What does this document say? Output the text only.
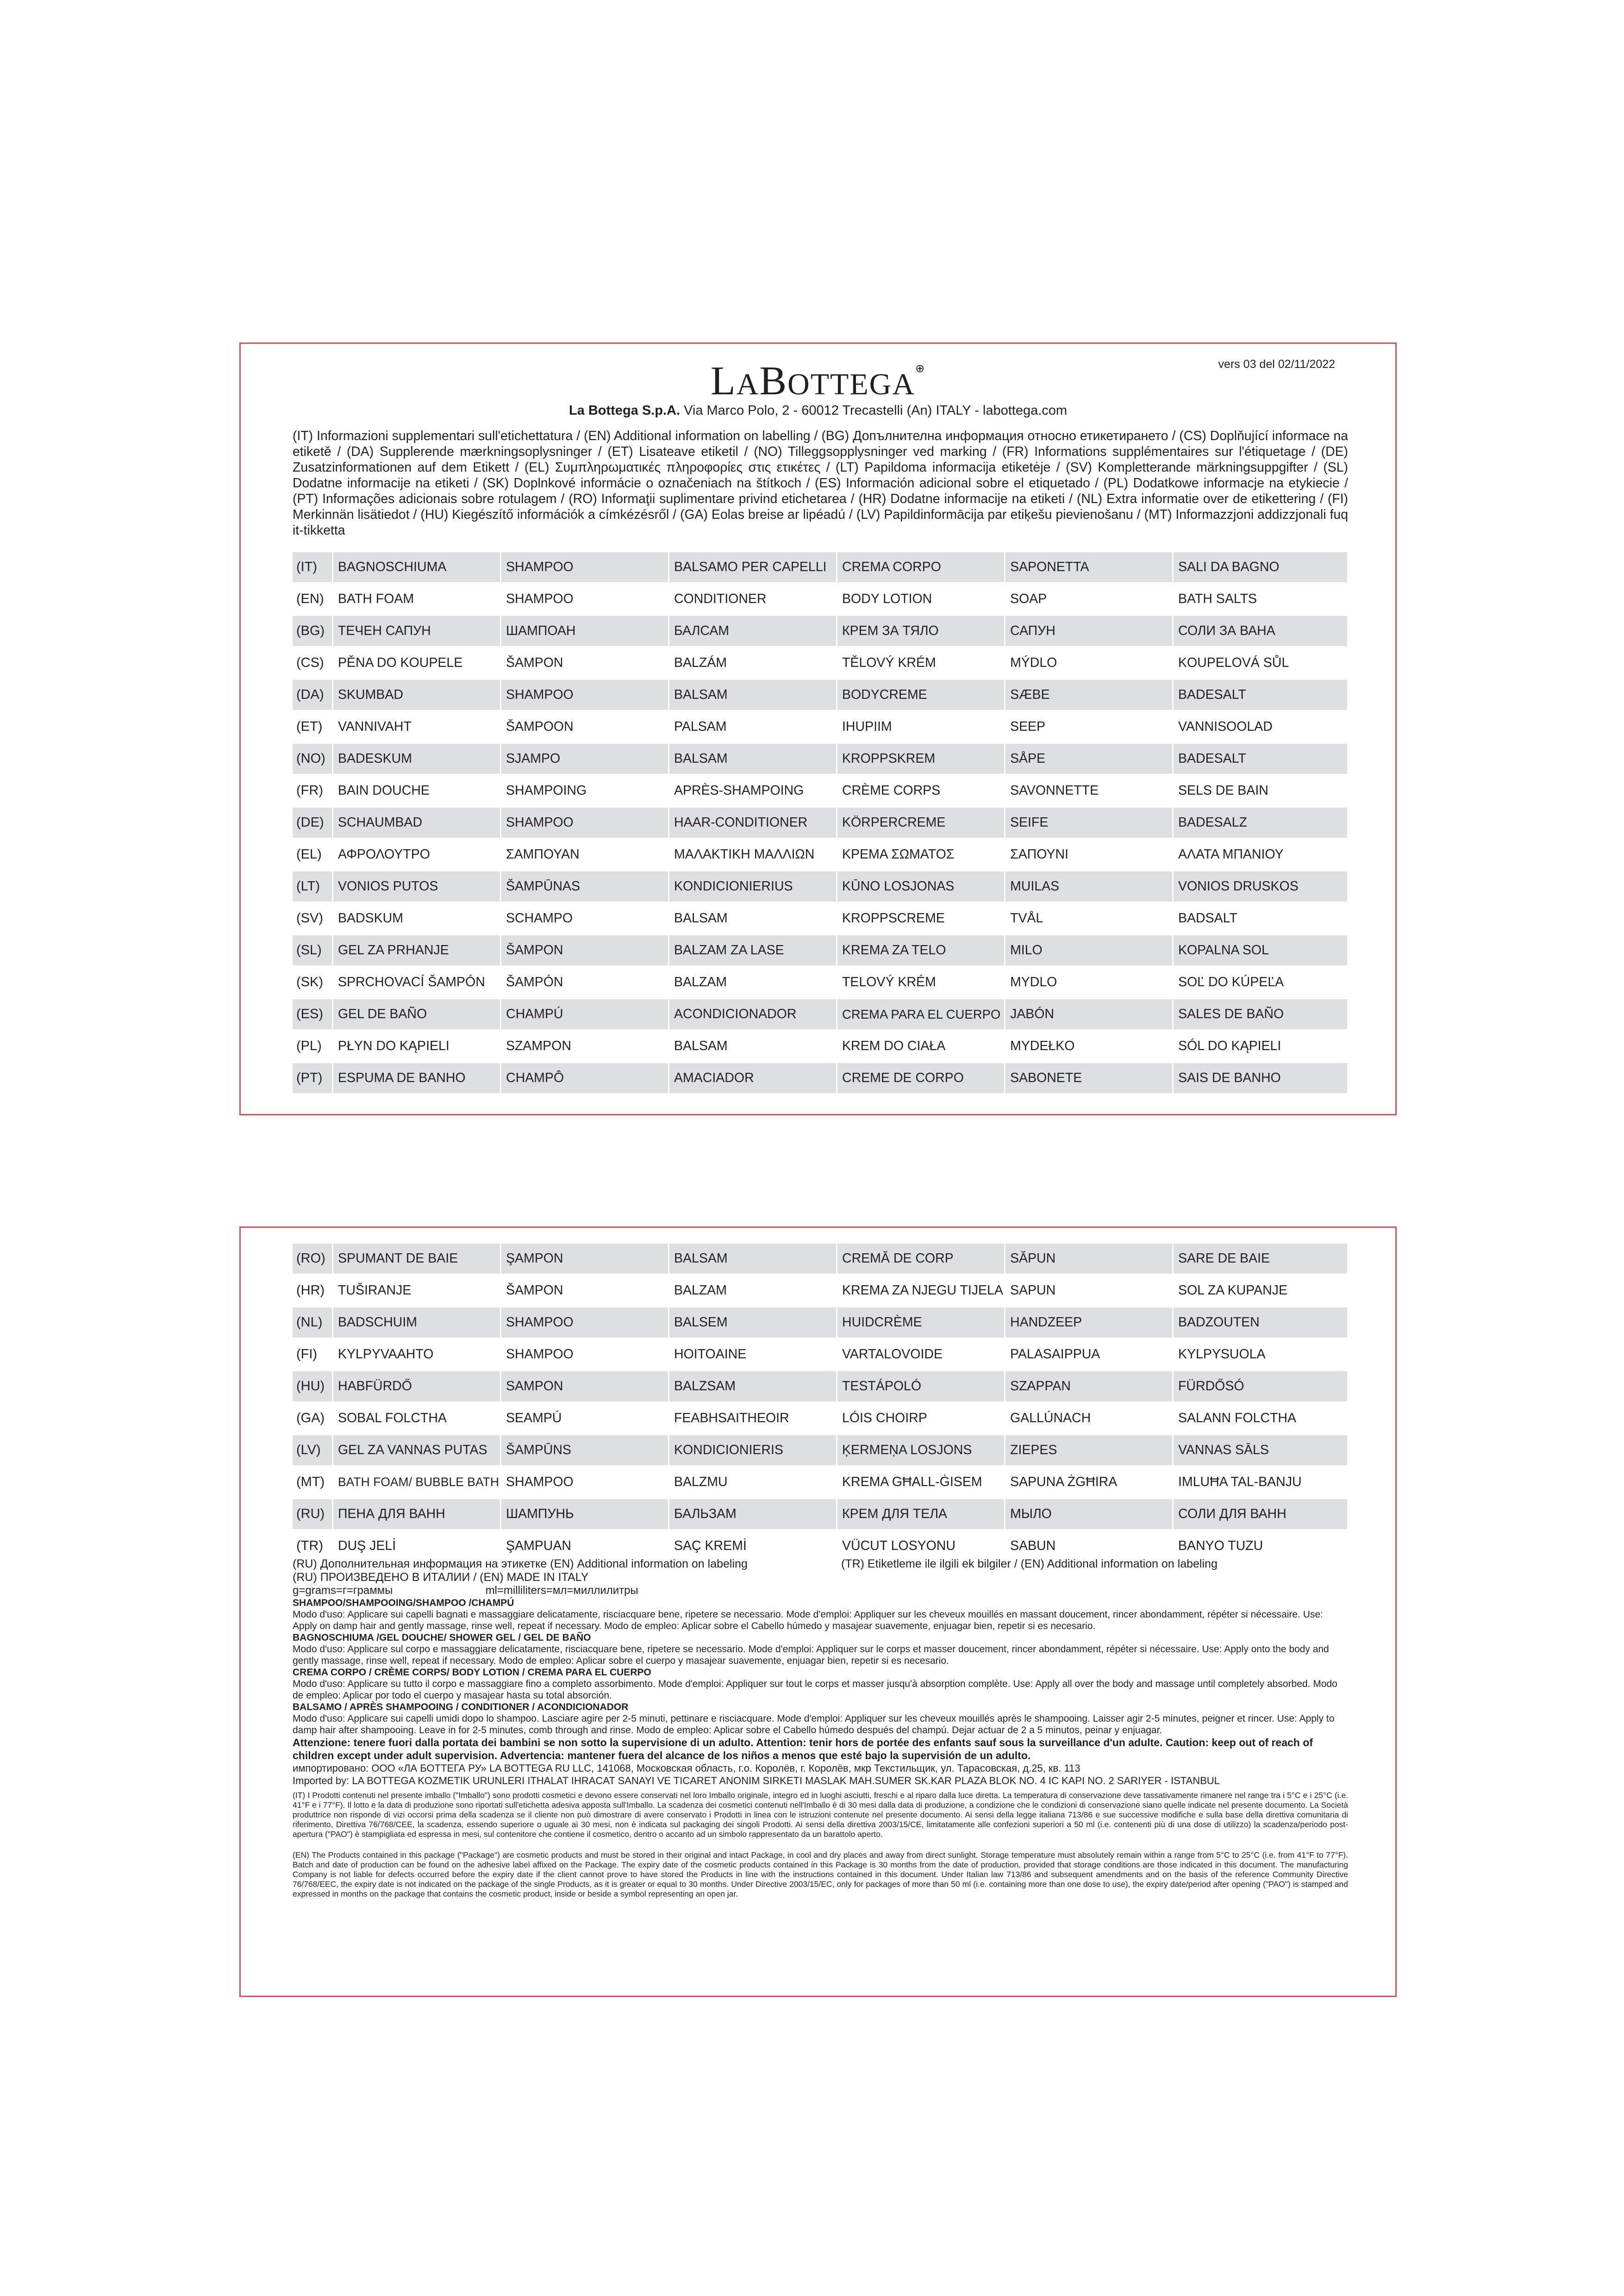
vers 03 del 02/11/2022
LABOTTEGA⊕
La Bottega S.p.A. Via Marco Polo, 2 - 60012 Trecastelli (An) ITALY - labottega.com

(IT) Informazioni supplementari sull'etichettatura / (EN) Additional information on labelling / (BG) Допълнителна информация относно етикетирането / (CS) Doplňující informace na etiketě / (DA) Supplerende mærkningsoplysninger / (ET) Lisateave etiketil / (NO) Tilleggsopplysninger ved marking / (FR) Informations supplémentaires sur l'étiquetage / (DE) Zusatzinformationen auf dem Etikett / (EL) Συμπληρωματικές πληροφορίες στις ετικέτες / (LT) Papildoma informacija etiketėje / (SV) Kompletterande märkningsuppgifter / (SL) Dodatne informacije na etiketi / (SK) Doplnkové informácie o označeniach na štítkoch / (ES) Información adicional sobre el etiquetado / (PL) Dodatkowe informacje na etykiecie / (PT) Informações adicionais sobre rotulagem / (RO) Informaţii suplimentare privind etichetarea / (HR) Dodatne informacije na etiketi / (NL) Extra informatie over de etikettering / (FI) Merkinnän lisätiedot / (HU) Kiegészítő információk a címkézésről / (GA) Eolas breise ar lipéadú / (LV) Papildinformācija par etiķešu pievienošanu / (MT) Informazzjoni addizzjonali fuq it-tikketta

(IT)	BAGNOSCHIUMA	SHAMPOO	BALSAMO PER CAPELLI	CREMA CORPO	SAPONETTA	SALI DA BAGNO
(EN)	BATH FOAM	SHAMPOO	CONDITIONER	BODY LOTION	SOAP	BATH SALTS
(BG)	ТЕЧЕН САПУН	ШАМПОАН	БАЛСАМ	КРЕМ ЗА ТЯЛО	САПУН	СОЛИ ЗА ВАНА
(CS)	PĚNA DO KOUPELE	ŠAMPON	BALZÁM	TĚLOVÝ KRÉM	MÝDLO	KOUPELOVÁ SŮL
(DA)	SKUMBAD	SHAMPOO	BALSAM	BODYCREME	SÆBE	BADESALT
(ET)	VANNIVAHT	ŠAMPOON	PALSAM	IHUPIIM	SEEP	VANNISOOLAD
(NO)	BADESKUM	SJAMPO	BALSAM	KROPPSKREM	SÅPE	BADESALT
(FR)	BAIN DOUCHE	SHAMPOING	APRÈS-SHAMPOING	CRÈME CORPS	SAVONNETTE	SELS DE BAIN
(DE)	SCHAUMBAD	SHAMPOO	HAAR-CONDITIONER	KÖRPERCREME	SEIFE	BADESALZ
(EL)	ΑΦΡΟΛΟΥΤΡΟ	ΣΑΜΠΟΥΑΝ	ΜΑΛΑΚΤΙΚΗ ΜΑΛΛΙΩΝ	ΚΡΕΜΑ ΣΩΜΑΤΟΣ	ΣΑΠΟΥΝΙ	ΑΛΑΤΑ ΜΠΑΝΙΟΥ
(LT)	VONIOS PUTOS	ŠAMPŪNAS	KONDICIONIERIUS	KŪNO LOSJONAS	MUILAS	VONIOS DRUSKOS
(SV)	BADSKUM	SCHAMPO	BALSAM	KROPPSCREME	TVÅL	BADSALT
(SL)	GEL ZA PRHANJE	ŠAMPON	BALZAM ZA LASE	KREMA ZA TELO	MILO	KOPALNA SOL
(SK)	SPRCHOVACÍ ŠAMPÓN	ŠAMPÓN	BALZAM	TELOVÝ KRÉM	MYDLO	SOĽ DO KÚPEĽA
(ES)	GEL DE BAÑO	CHAMPÚ	ACONDICIONADOR	CREMA PARA EL CUERPO	JABÓN	SALES DE BAÑO
(PL)	PŁYN DO KĄPIELI	SZAMPON	BALSAM	KREM DO CIAŁA	MYDEŁKO	SÓL DO KĄPIELI
(PT)	ESPUMA DE BANHO	CHAMPÔ	AMACIADOR	CREME DE CORPO	SABONETE	SAIS DE BANHO
(RO)	SPUMANT DE BAIE	ŞAMPON	BALSAM	CREMĂ DE CORP	SĂPUN	SARE DE BAIE
(HR)	TUŠIRANJE	ŠAMPON	BALZAM	KREMA ZA NJEGU TIJELA	SAPUN	SOL ZA KUPANJE
(NL)	BADSCHUIM	SHAMPOO	BALSEM	HUIDCRÈME	HANDZEEP	BADZOUTEN
(FI)	KYLPYVAAHTO	SHAMPOO	HOITOAINE	VARTALOVOIDE	PALASAIPPUA	KYLPYSUOLA
(HU)	HABFÜRDŐ	SAMPON	BALZSAM	TESTÁPOLÓ	SZAPPAN	FÜRDŐSÓ
(GA)	SOBAL FOLCTHA	SEAMPÚ	FEABHSAITHEOIR	LÓIS CHOIRP	GALLÚNACH	SALANN FOLCTHA
(LV)	GEL ZA VANNAS PUTAS	ŠAMPŪNS	KONDICIONIERIS	ĶERMEŅA LOSJONS	ZIEPES	VANNAS SĀLS
(MT)	BATH FOAM/ BUBBLE BATH	SHAMPOO	BALZMU	KREMA GĦALL-ĠISEM	SAPUNA ŻGĦIRA	IMLUĦA TAL-BANJU
(RU)	ПЕНА ДЛЯ ВАНН	ШАМПУНЬ	БАЛЬЗАМ	КРЕМ ДЛЯ ТЕЛА	МЫЛО	СОЛИ ДЛЯ ВАНН
(TR)	DUŞ JELİ	ŞAMPUAN	SAÇ KREMİ	VÜCUT LOSYONU	SABUN	BANYO TUZU
(RU) Дополнительная информация на этикетке (EN) Additional information on labeling	(TR) Etiketleme ile ilgili ek bilgiler / (EN) Additional information on labeling

(RU) ПРОИЗВЕДЕНО В ИТАЛИИ / (EN) MADE IN ITALY

g=grams=г=граммы                              ml=milliliters=мл=миллилитры

SHAMPOO/SHAMPOOING/SHAMPOO /CHAMPÚ

Modo d'uso: Applicare sui capelli bagnati e massaggiare delicatamente, risciacquare bene, ripetere se necessario. Mode d'emploi: Appliquer sur les cheveux mouillés en massant doucement, rincer abondamment, répéter si nécessaire. Use: Apply on damp hair and gently massage, rinse well, repeat if necessary. Modo de empleo: Aplicar sobre el Cabello húmedo y masajear suavemente, enjuagar bien, repetir si es necesario.

BAGNOSCHIUMA /GEL DOUCHE/ SHOWER GEL / GEL DE BAÑO

Modo d'uso: Applicare sul corpo e massaggiare delicatamente, risciacquare bene, ripetere se necessario. Mode d'emploi: Appliquer sur le corps et masser doucement, rincer abondamment, répéter si nécessaire. Use: Apply onto the body and gently massage, rinse well, repeat if necessary. Modo de empleo: Aplicar sobre el cuerpo y masajear suavemente, enjuagar bien, repetir si es necesario.

CREMA CORPO / CRÈME CORPS/ BODY LOTION / CREMA PARA EL CUERPO

Modo d'uso: Applicare su tutto il corpo e massaggiare fino a completo assorbimento. Mode d'emploi: Appliquer sur tout le corps et masser jusqu'à absorption complète. Use: Apply all over the body and massage until completely absorbed. Modo de empleo: Aplicar por todo el cuerpo y masajear hasta su total absorción.

BALSAMO / APRÈS SHAMPOOING / CONDITIONER / ACONDICIONADOR

Modo d'uso: Applicare sui capelli umidi dopo lo shampoo. Lasciare agire per 2-5 minuti, pettinare e risciacquare. Mode d'emploi: Appliquer sur les cheveux mouillés après le shampooing. Laisser agir 2-5 minutes, peigner et rincer. Use: Apply to damp hair after shampooing. Leave in for 2-5 minutes, comb through and rinse. Modo de empleo: Aplicar sobre el Cabello húmedo después del champú. Dejar actuar de 2 a 5 minutos, peinar y enjuagar.

Attenzione: tenere fuori dalla portata dei bambini se non sotto la supervisione di un adulto. Attention: tenir hors de portée des enfants sauf sous la surveillance d'un adulte. Caution: keep out of reach of children except under adult supervision. Advertencia: mantener fuera del alcance de los niños a menos que esté bajo la supervisión de un adulto.

импортировано: ООО «ЛА БОТТЕГА РУ» LA BOTTEGA RU LLC, 141068, Московская область, г.о. Королёв, г. Королёв, мкр Текстильщик, ул. Тарасовская, д.25, кв. 113

Imported by: LA BOTTEGA KOZMETIK URUNLERI ITHALAT IHRACAT SANAYI VE TICARET ANONIM SIRKETI MASLAK MAH.SUMER SK.KAR PLAZA BLOK NO. 4 IC KAPI NO. 2 SARIYER - ISTANBUL

(IT) I Prodotti contenuti nel presente imballo ("Imballo") sono prodotti cosmetici e devono essere conservati nel loro Imballo originale, integro ed in luoghi asciutti, freschi e al riparo dalla luce diretta. La temperatura di conservazione deve tassativamente rimanere nel range tra i 5°C e i 25°C (i.e. 41°F e i 77°F). Il lotto e la data di produzione sono riportati sull'etichetta adesiva apposta sull'Imballo. La scadenza dei cosmetici contenuti nell'Imballo è di 30 mesi dalla data di produzione, a condizione che le condizioni di conservazione siano quelle indicate nel presente documento. La Società produttrice non risponde di vizi occorsi prima della scadenza se il cliente non può dimostrare di avere conservato i Prodotti in linea con le istruzioni contenute nel presente documento. Ai sensi della legge italiana 713/86 e sue successive modifiche e sulla base della direttiva comunitaria di riferimento, Direttiva 76/768/CEE, la scadenza, essendo superiore o uguale ai 30 mesi, non è indicata sul packaging dei singoli Prodotti. Ai sensi della direttiva 2003/15/CE, limitatamente alle confezioni superiori a 50 ml (i.e. contenenti più di una dose di utilizzo) la scadenza/periodo post-apertura ("PAO") è stampigliata ed espressa in mesi, sul contenitore che contiene il cosmetico, dentro o accanto ad un simbolo rappresentato da un barattolo aperto.

(EN) The Products contained in this package ("Package") are cosmetic products and must be stored in their original and intact Package, in cool and dry places and away from direct sunlight. Storage temperature must absolutely remain within a range from 5°C to 25°C (i.e. from 41°F to 77°F). Batch and date of production can be found on the adhesive label affixed on the Package. The expiry date of the cosmetic products contained in this Package is 30 months from the date of production, provided that storage conditions are those indicated in this document. The manufacturing Company is not liable for defects occurred before the expiry date if the client cannot prove to have stored the Products in line with the instructions contained in this document. Under Italian law 713/86 and subsequent amendments and on the basis of the reference Community Directive 76/768/EEC, the expiry date is not indicated on the package of the single Products, as it is greater or equal to 30 months. Under Directive 2003/15/EC, only for packages of more than 50 ml (i.e. containing more than one dose to use), the expiry date/period after opening ("PAO") is stamped and expressed in months on the package that contains the cosmetic product, inside or beside a symbol representing an open jar.
